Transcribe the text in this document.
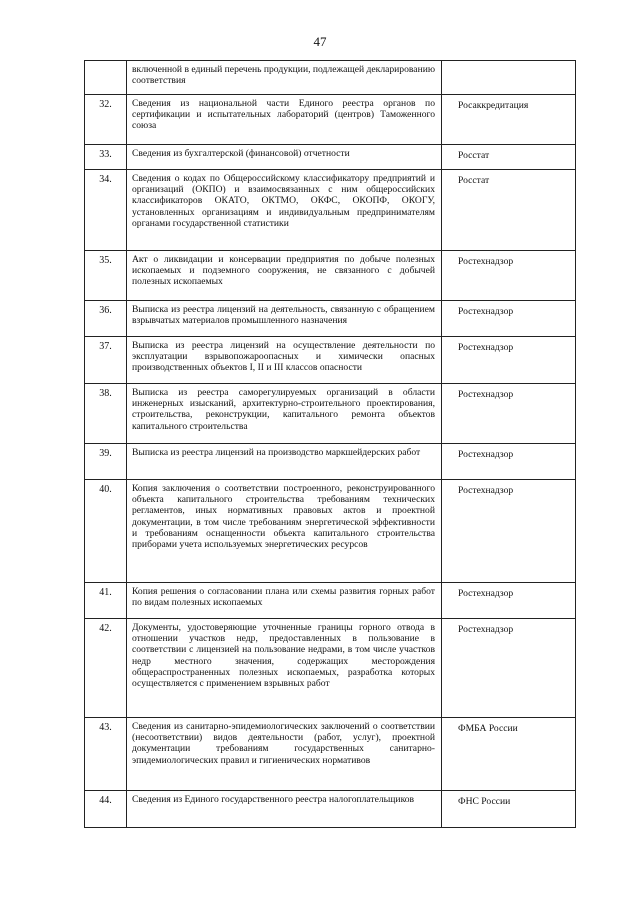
47
	включенной в единый перечень продукции, подлежащей декларированию соответствия	
32.	Сведения из национальной части Единого реестра органов по сертификации и испытательных лабораторий (центров) Таможенного союза	Росаккредитация
33.	Сведения из бухгалтерской (финансовой) отчетности	Росстат
34.	Сведения о кодах по Общероссийскому классификатору предприятий и организаций (ОКПО) и взаимосвязанных с ним общероссийских классификаторов ОКАТО, ОКТМО, ОКФС, ОКОПФ, ОКОГУ, установленных организациям и индивидуальным предпринимателям органами государственной статистики	Росстат
35.	Акт о ликвидации и консервации предприятия по добыче полезных ископаемых и подземного сооружения, не связанного с добычей полезных ископаемых	Ростехнадзор
36.	Выписка из реестра лицензий на деятельность, связанную с обращением взрывчатых материалов промышленного назначения	Ростехнадзор
37.	Выписка из реестра лицензий на осуществление деятельности по эксплуатации взрывопожароопасных и химически опасных производственных объектов I, II и III классов опасности	Ростехнадзор
38.	Выписка из реестра саморегулируемых организаций в области инженерных изысканий, архитектурно-строительного проектирования, строительства, реконструкции, капитального ремонта объектов капитального строительства	Ростехнадзор
39.	Выписка из реестра лицензий на производство маркшейдерских работ	Ростехнадзор
40.	Копия заключения о соответствии построенного, реконструированного объекта капитального строительства требованиям технических регламентов, иных нормативных правовых актов и проектной документации, в том числе требованиям энергетической эффективности и требованиям оснащенности объекта капитального строительства приборами учета используемых энергетических ресурсов	Ростехнадзор
41.	Копия решения о согласовании плана или схемы развития горных работ по видам полезных ископаемых	Ростехнадзор
42.	Документы, удостоверяющие уточненные границы горного отвода в отношении участков недр, предоставленных в пользование в соответствии с лицензией на пользование недрами, в том числе участков недр местного значения, содержащих месторождения общераспространенных полезных ископаемых, разработка которых осуществляется с применением взрывных работ	Ростехнадзор
43.	Сведения из санитарно-эпидемиологических заключений о соответствии (несоответствии) видов деятельности (работ, услуг), проектной документации требованиям государственных санитарно-эпидемиологических правил и гигиенических нормативов	ФМБА России
44.	Сведения из Единого государственного реестра налогоплательщиков	ФНС России
